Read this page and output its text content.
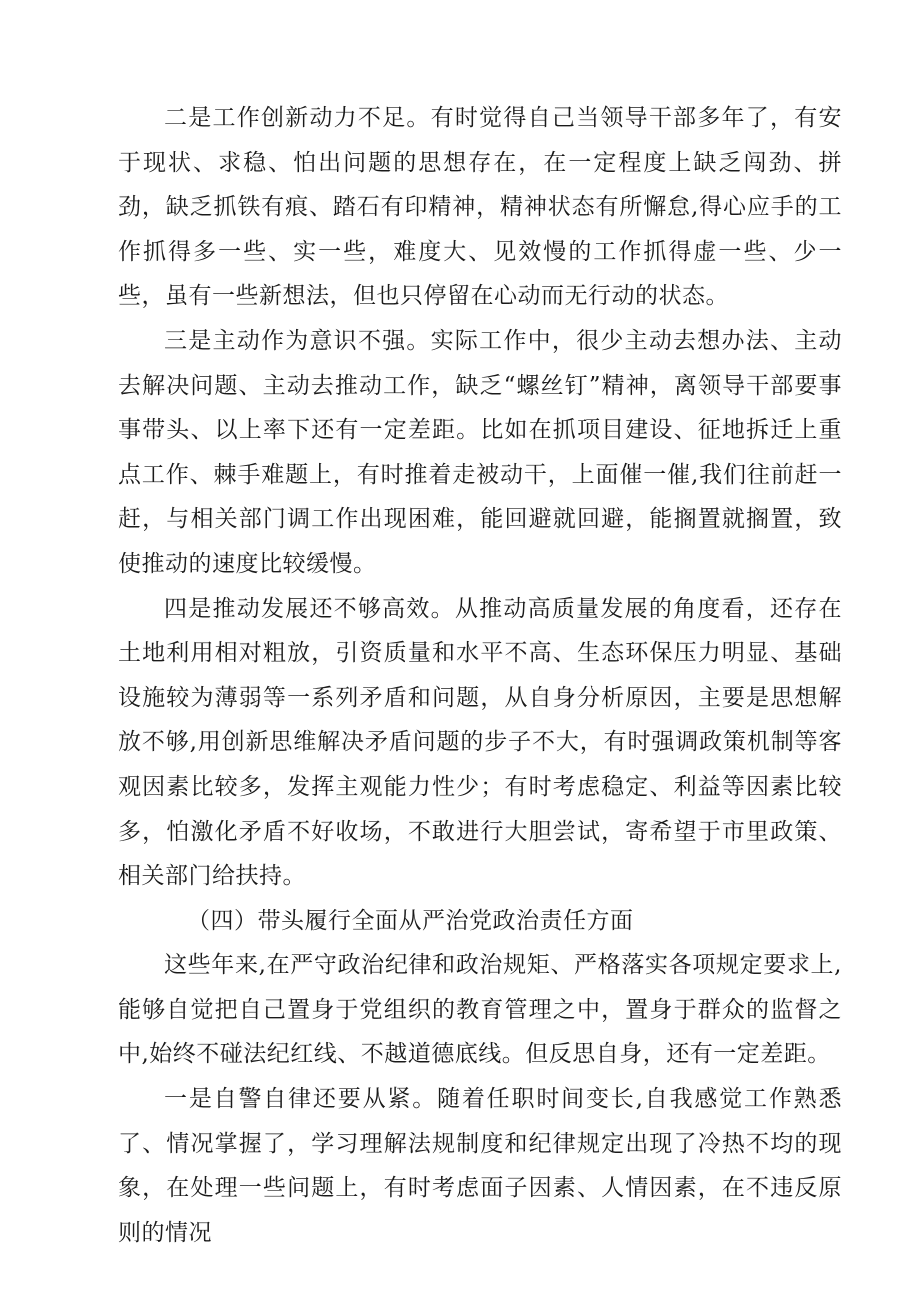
二是工作创新动力不足。有时觉得自己当领导干部多年了，有安于现状、求稳、怕出问题的思想存在，在一定程度上缺乏闯劲、拼劲，缺乏抓铁有痕、踏石有印精神，精神状态有所懈怠,得心应手的工作抓得多一些、实一些，难度大、见效慢的工作抓得虚一些、少一些，虽有一些新想法，但也只停留在心动而无行动的状态。

三是主动作为意识不强。实际工作中，很少主动去想办法、主动去解决问题、主动去推动工作，缺乏“螺丝钉”精神，离领导干部要事事带头、以上率下还有一定差距。比如在抓项目建设、征地拆迁上重点工作、棘手难题上，有时推着走被动干，上面催一催,我们往前赶一赶，与相关部门调工作出现困难，能回避就回避，能搁置就搁置，致使推动的速度比较缓慢。

四是推动发展还不够高效。从推动高质量发展的角度看，还存在土地利用相对粗放，引资质量和水平不高、生态环保压力明显、基础设施较为薄弱等一系列矛盾和问题，从自身分析原因，主要是思想解放不够,用创新思维解决矛盾问题的步子不大，有时强调政策机制等客观因素比较多，发挥主观能力性少；有时考虑稳定、利益等因素比较多，怕激化矛盾不好收场，不敢进行大胆尝试，寄希望于市里政策、相关部门给扶持。

（四）带头履行全面从严治党政治责任方面

这些年来,在严守政治纪律和政治规矩、严格落实各项规定要求上,能够自觉把自己置身于党组织的教育管理之中，置身于群众的监督之中,始终不碰法纪红线、不越道德底线。但反思自身，还有一定差距。

一是自警自律还要从紧。随着任职时间变长,自我感觉工作熟悉了、情况掌握了，学习理解法规制度和纪律规定出现了冷热不均的现象，在处理一些问题上，有时考虑面子因素、人情因素，在不违反原则的情况
